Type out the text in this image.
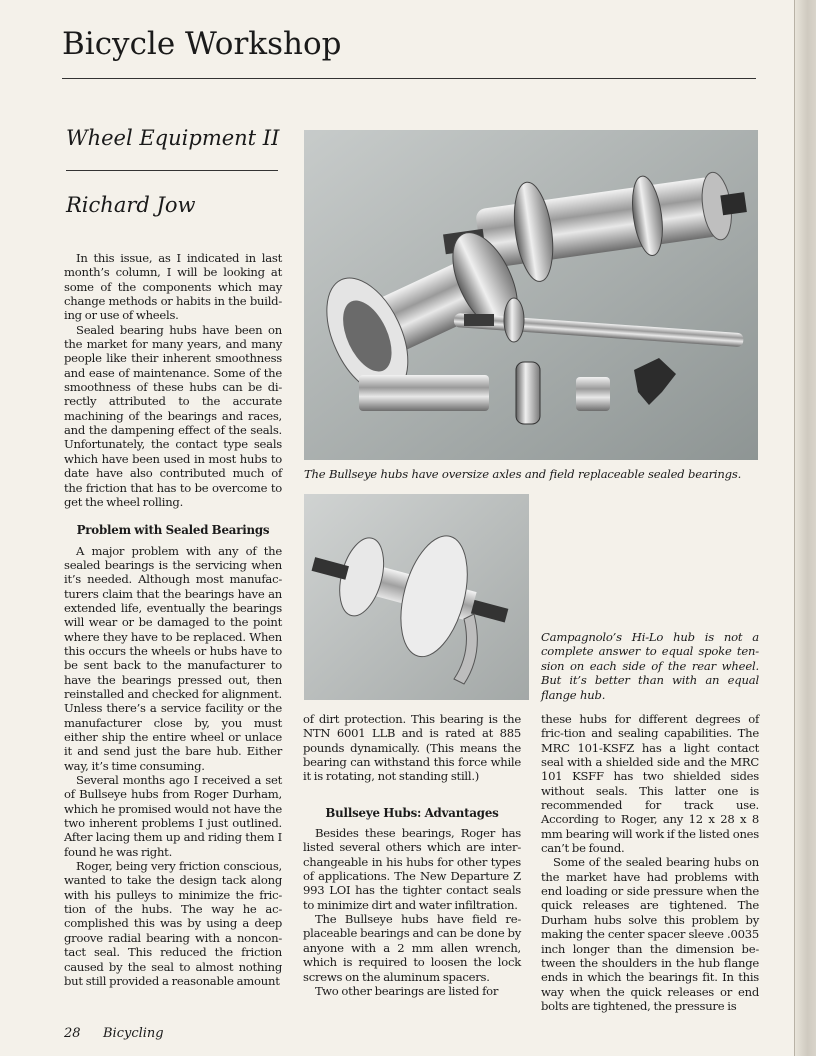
Bicycle Workshop
Wheel Equipment II
Richard Jow

In this issue, as I indicated in last month’s column, I will be looking at some of the components which may change methods or habits in the build-ing or use of wheels.

Sealed bearing hubs have been on the market for many years, and many people like their inherent smoothness and ease of maintenance. Some of the smoothness of these hubs can be di-rectly attributed to the accurate machining of the bearings and races, and the dampening effect of the seals. Unfortunately, the contact type seals which have been used in most hubs to date have also contributed much of the friction that has to be overcome to get the wheel rolling.

Problem with Sealed Bearings

A major problem with any of the sealed bearings is the servicing when it’s needed. Although most manufac-turers claim that the bearings have an extended life, eventually the bearings will wear or be damaged to the point where they have to be replaced. When this occurs the wheels or hubs have to be sent back to the manufacturer to have the bearings pressed out, then reinstalled and checked for alignment. Unless there’s a service facility or the manufacturer close by, you must either ship the entire wheel or unlace it and send just the bare hub. Either way, it’s time consuming.

Several months ago I received a set of Bullseye hubs from Roger Durham, which he promised would not have the two inherent problems I just outlined. After lacing them up and riding them I found he was right.

Roger, being very friction conscious, wanted to take the design tack along with his pulleys to minimize the fric-tion of the hubs. The way he ac-complished this was by using a deep groove radial bearing with a noncon-tact seal. This reduced the friction caused by the seal to almost nothing but still provided a reasonable amount

The Bullseye hubs have oversize axles and field replaceable sealed bearings.
Campagnolo’s Hi-Lo hub is not a complete answer to equal spoke ten-sion on each side of the rear wheel. But it’s better than with an equal flange hub.

of dirt protection. This bearing is the NTN 6001 LLB and is rated at 885 pounds dynamically. (This means the bearing can withstand this force while it is rotating, not standing still.)

Bullseye Hubs: Advantages

Besides these bearings, Roger has listed several others which are inter-changeable in his hubs for other types of applications. The New Departure Z 993 LOI has the tighter contact seals to minimize dirt and water infiltration.

The Bullseye hubs have field re-placeable bearings and can be done by anyone with a 2 mm allen wrench, which is required to loosen the lock screws on the aluminum spacers.

Two other bearings are listed for

these hubs for different degrees of fric-tion and sealing capabilities. The MRC 101-KSFZ has a light contact seal with a shielded side and the MRC 101 KSFF has two shielded sides without seals. This latter one is recommended for track use. According to Roger, any 12 x 28 x 8 mm bearing will work if the listed ones can’t be found.

Some of the sealed bearing hubs on the market have had problems with end loading or side pressure when the quick releases are tightened. The Durham hubs solve this problem by making the center spacer sleeve .0035 inch longer than the dimension be-tween the shoulders in the hub flange ends in which the bearings fit. In this way when the quick releases or end bolts are tightened, the pressure is

28 Bicycling
